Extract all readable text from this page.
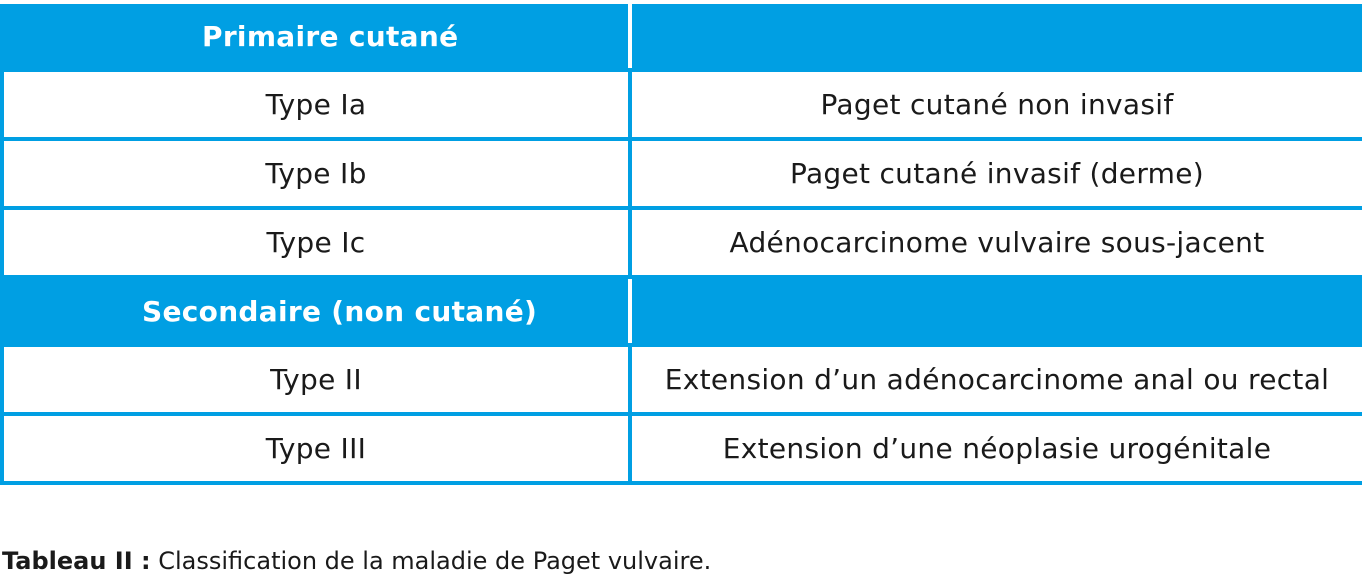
Primaire cutané	
Type Ia	Paget cutané non invasif
Type Ib	Paget cutané invasif (derme)
Type Ic	Adénocarcinome vulvaire sous-jacent
Secondaire (non cutané)	
Type II	Extension d’un adénocarcinome anal ou rectal
Type III	Extension d’une néoplasie urogénitale
Tableau II : Classification de la maladie de Paget vulvaire.
